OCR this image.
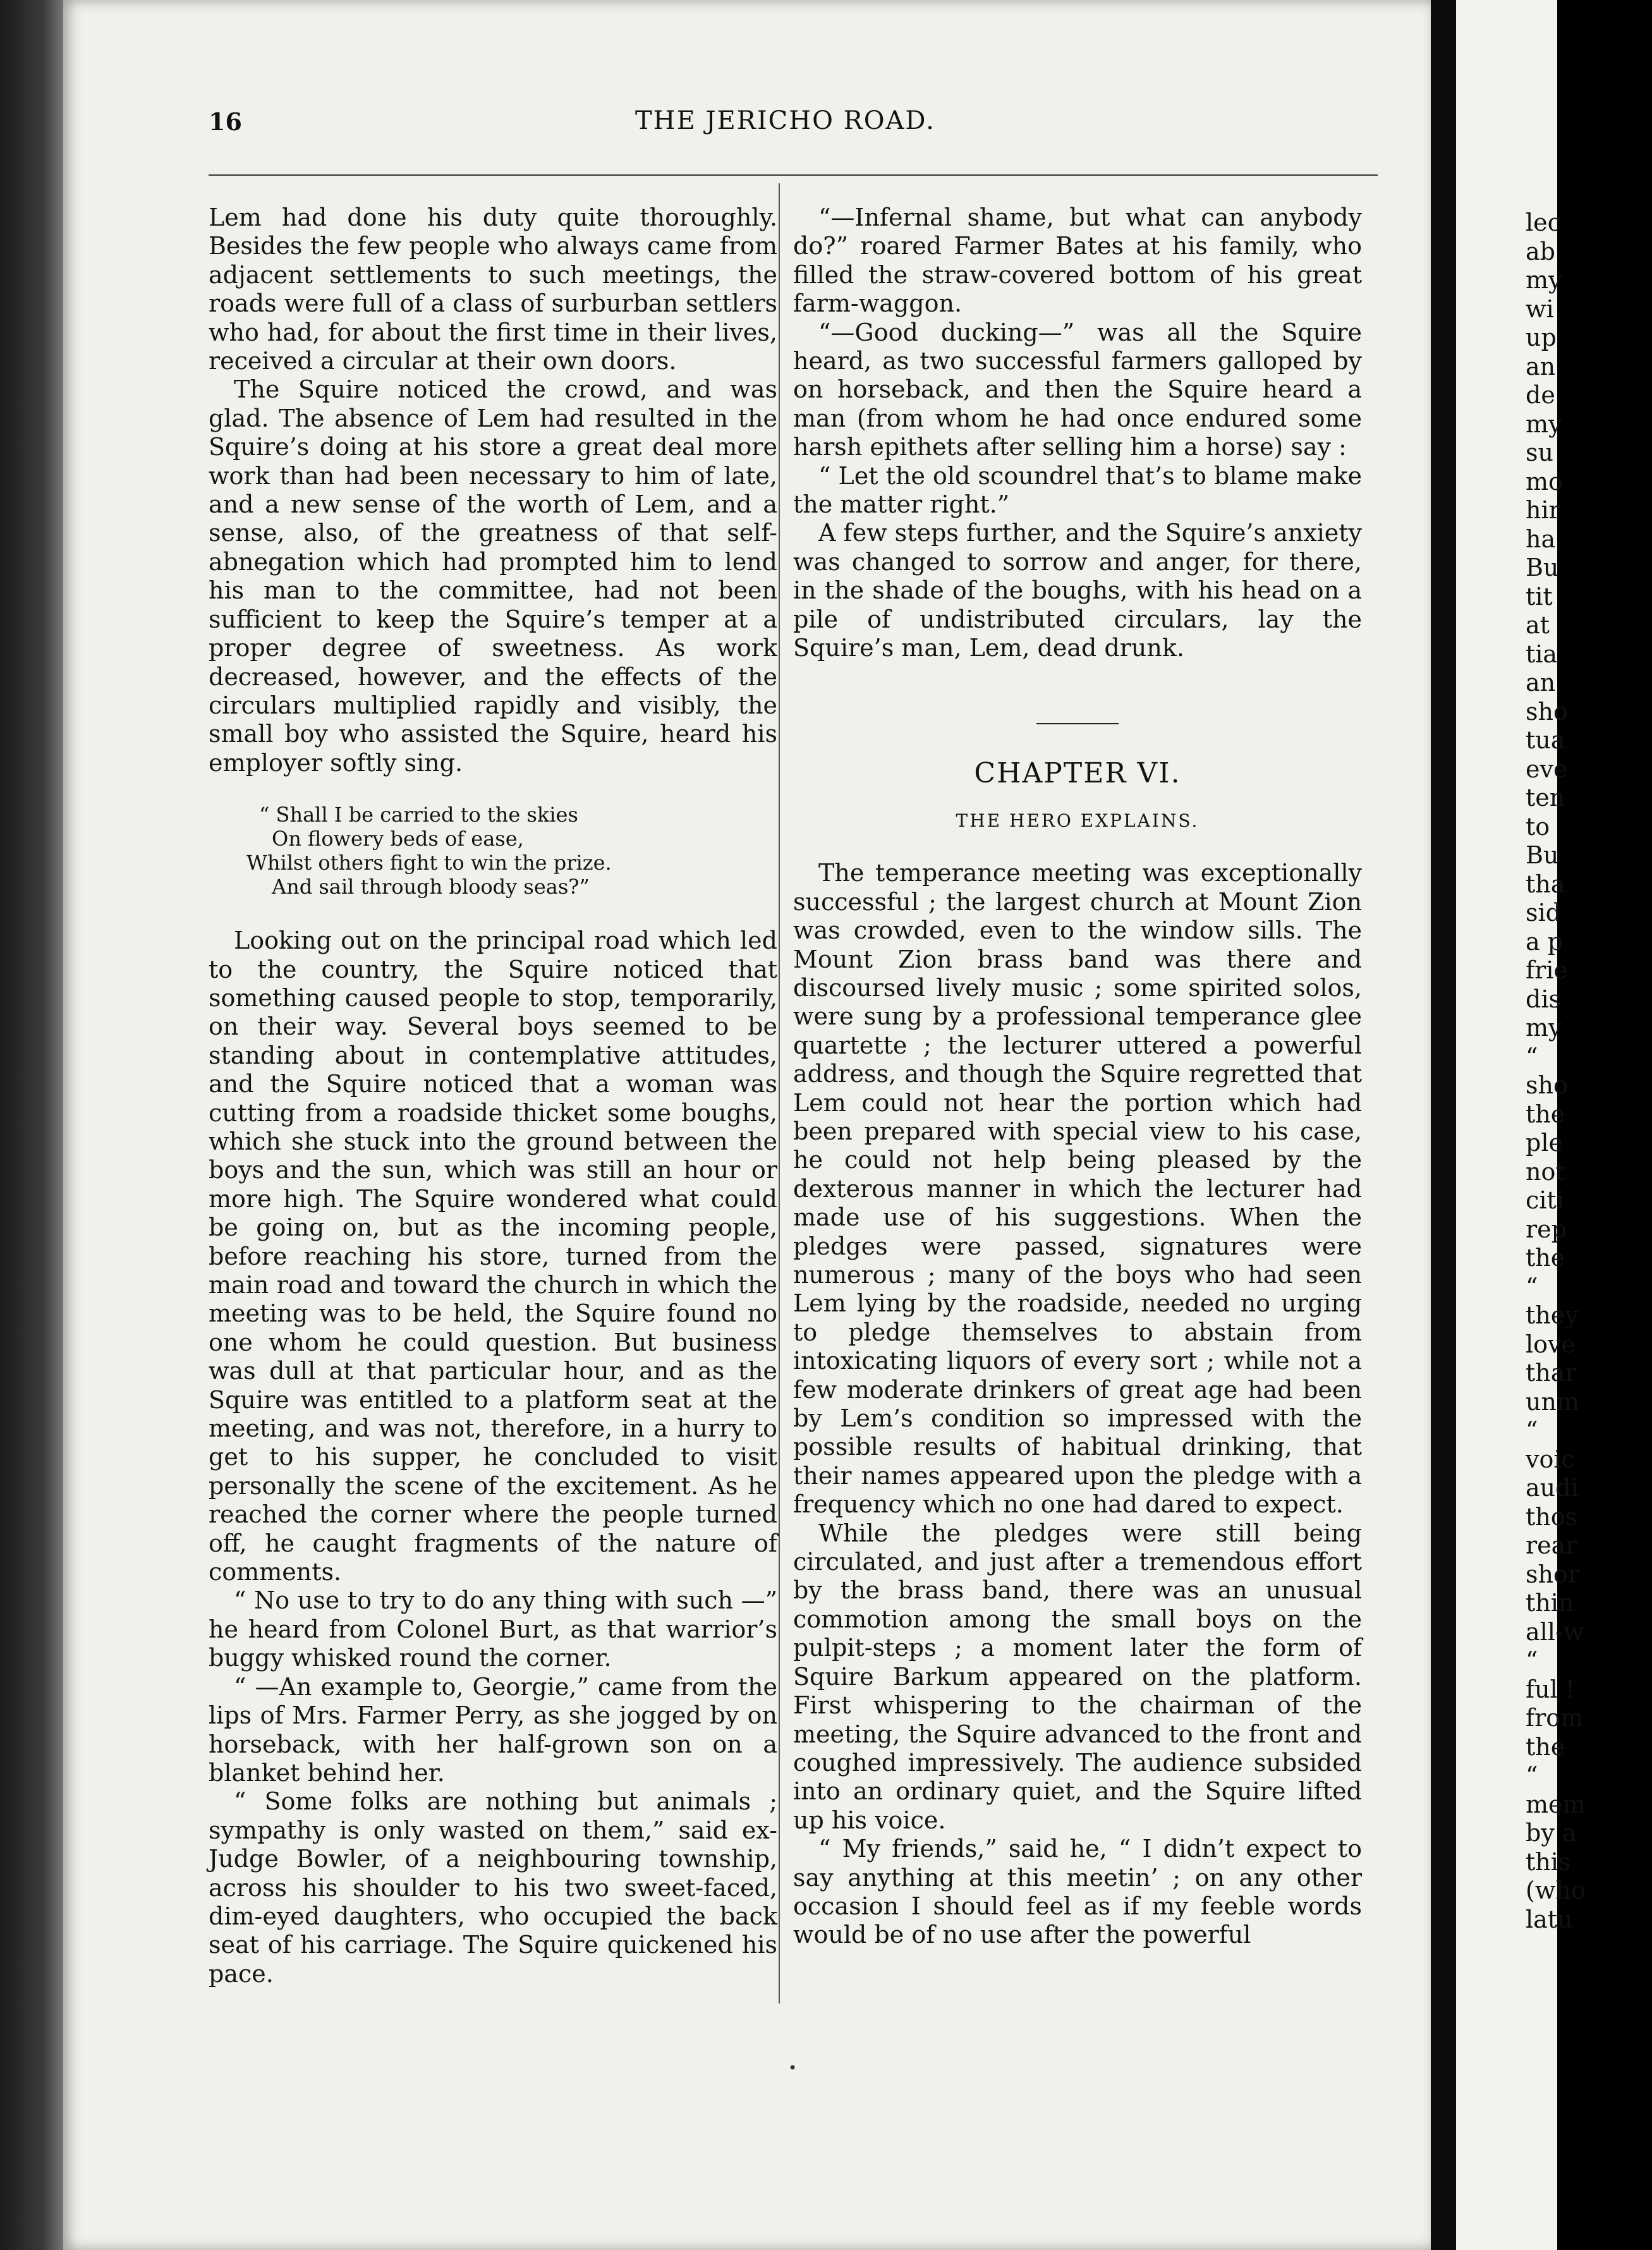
16	THE JERICHO ROAD.

Lem had done his duty quite thoroughly. Besides the few people who always came from adjacent settlements to such meetings, the roads were full of a class of surburban settlers who had, for about the first time in their lives, received a circular at their own doors.

The Squire noticed the crowd, and was glad. The absence of Lem had resulted in the Squire’s doing at his store a great deal more work than had been necessary to him of late, and a new sense of the worth of Lem, and a sense, also, of the greatness of that self-abnegation which had prompted him to lend his man to the committee, had not been sufficient to keep the Squire’s temper at a proper degree of sweetness. As work decreased, however, and the effects of the circulars multiplied rapidly and visibly, the small boy who assisted the Squire, heard his employer softly sing.

“ Shall I be carried to the skies
On flowery beds of ease,
Whilst others fight to win the prize.
And sail through bloody seas?”

Looking out on the principal road which led to the country, the Squire noticed that something caused people to stop, temporarily, on their way. Several boys seemed to be standing about in contemplative attitudes, and the Squire noticed that a woman was cutting from a roadside thicket some boughs, which she stuck into the ground between the boys and the sun, which was still an hour or more high. The Squire wondered what could be going on, but as the incoming people, before reaching his store, turned from the main road and toward the church in which the meeting was to be held, the Squire found no one whom he could question. But business was dull at that particular hour, and as the Squire was entitled to a platform seat at the meeting, and was not, therefore, in a hurry to get to his supper, he concluded to visit personally the scene of the excitement. As he reached the corner where the people turned off, he caught fragments of the nature of comments.

“ No use to try to do any thing with such —” he heard from Colonel Burt, as that warrior’s buggy whisked round the corner.

“ —An example to, Georgie,” came from the lips of Mrs. Farmer Perry, as she jogged by on horseback, with her half-grown son on a blanket behind her.

“ Some folks are nothing but animals ; sympathy is only wasted on them,” said ex-Judge Bowler, of a neighbouring township, across his shoulder to his two sweet-faced, dim-eyed daughters, who occupied the back seat of his carriage. The Squire quickened his pace.

“—Infernal shame, but what can anybody do?” roared Farmer Bates at his family, who filled the straw-covered bottom of his great farm-waggon.

“—Good ducking—” was all the Squire heard, as two successful farmers galloped by on horseback, and then the Squire heard a man (from whom he had once endured some harsh epithets after selling him a horse) say :

“ Let the old scoundrel that’s to blame make the matter right.”

A few steps further, and the Squire’s anxiety was changed to sorrow and anger, for there, in the shade of the boughs, with his head on a pile of undistributed circulars, lay the Squire’s man, Lem, dead drunk.

CHAPTER VI.

THE HERO EXPLAINS.

The temperance meeting was exceptionally successful ; the largest church at Mount Zion was crowded, even to the window sills. The Mount Zion brass band was there and discoursed lively music ; some spirited solos, were sung by a professional temperance glee quartette ; the lecturer uttered a powerful address, and though the Squire regretted that Lem could not hear the portion which had been prepared with special view to his case, he could not help being pleased by the dexterous manner in which the lecturer had made use of his suggestions. When the pledges were passed, signatures were numerous ; many of the boys who had seen Lem lying by the roadside, needed no urging to pledge themselves to abstain from intoxicating liquors of every sort ; while not a few moderate drinkers of great age had been by Lem’s condition so impressed with the possible results of habitual drinking, that their names appeared upon the pledge with a frequency which no one had dared to expect.

While the pledges were still being circulated, and just after a tremendous effort by the brass band, there was an unusual commotion among the small boys on the pulpit-steps ; a moment later the form of Squire Barkum appeared on the platform. First whispering to the chairman of the meeting, the Squire advanced to the front and coughed impressively. The audience subsided into an ordinary quiet, and the Squire lifted up his voice.

“ My friends,” said he, “ I didn’t expect to say anything at this meetin’ ; on any other occasion I should feel as if my feeble words would be of no use after the powerful

•
lec
ab
my
wi
up
an
de
my
su
mo
hir
ha
Bu
tit
at
tia
an
sho
tua
eve
ten
to
Bu
tha
sid
a p
frie
dis
my
“
sho
the
ple
not
citi
rep
the
“
they
love
thar
unm
“
voic
audi
thos
rear
shor
thin
all-w
“
ful !
from
the
“
mem
by a
this
(who
latu
